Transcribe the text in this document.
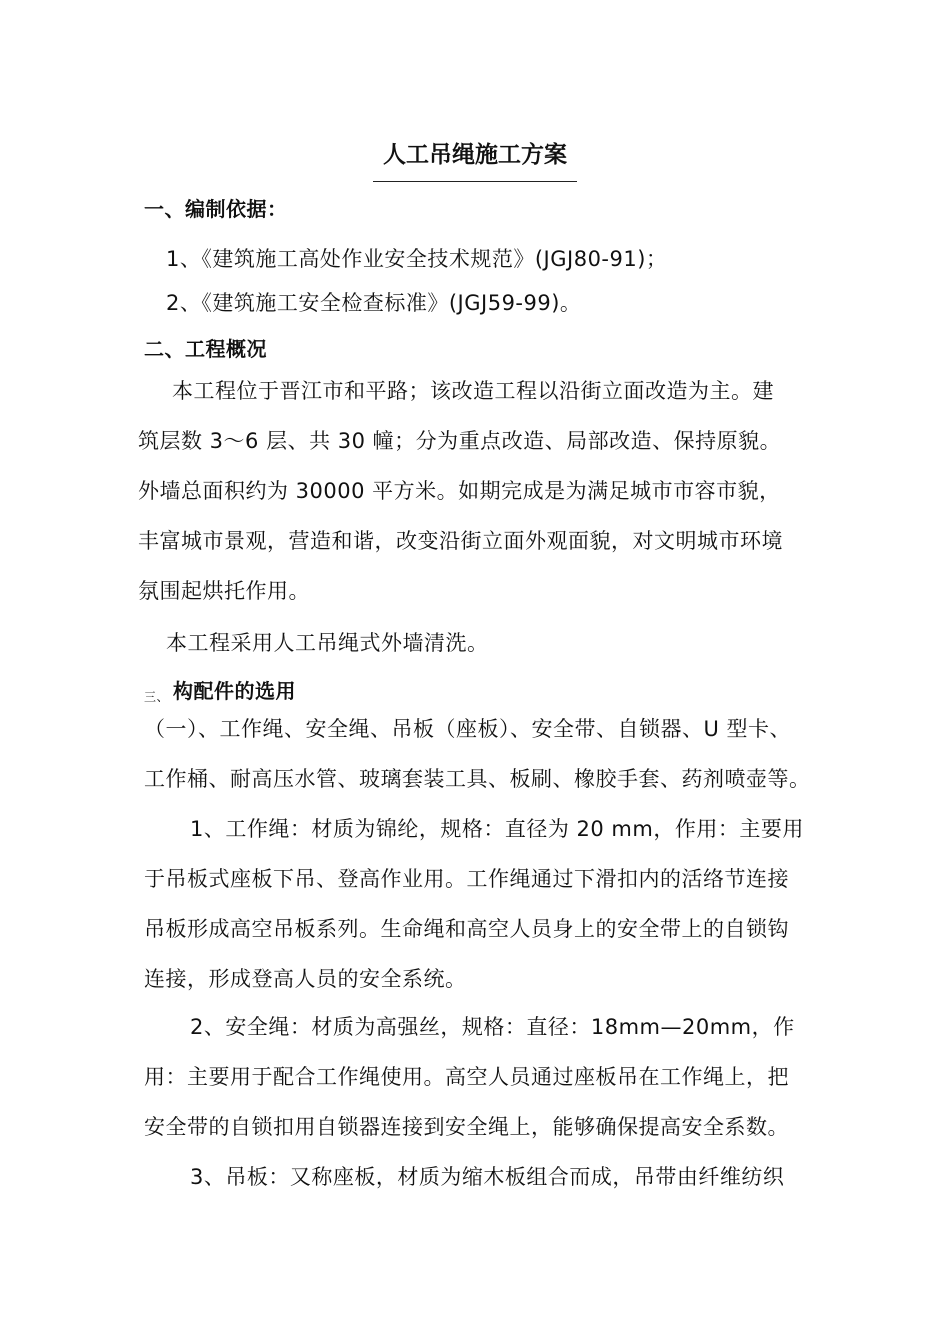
人工吊绳施工方案
一、编制依据：
1、《建筑施工高处作业安全技术规范》(JGJ80-91)；
2、《建筑施工安全检查标准》(JGJ59-99)。
二、工程概况
本工程位于晋江市和平路；该改造工程以沿街立面改造为主。建
筑层数 3～6 层、共 30 幢；分为重点改造、局部改造、保持原貌。
外墙总面积约为 30000 平方米。如期完成是为满足城市市容市貌，
丰富城市景观，营造和谐，改变沿街立面外观面貌，对文明城市环境
氛围起烘托作用。
本工程采用人工吊绳式外墙清洗。
三、 构配件的选用
（一）、工作绳、安全绳、吊板（座板）、安全带、自锁器、U 型卡、
工作桶、耐高压水管、玻璃套装工具、板刷、橡胶手套、药剂喷壶等。
1、工作绳：材质为锦纶，规格：直径为 20 mm，作用：主要用
于吊板式座板下吊、登高作业用。工作绳通过下滑扣内的活络节连接
吊板形成高空吊板系列。生命绳和高空人员身上的安全带上的自锁钩
连接，形成登高人员的安全系统。
2、安全绳：材质为高强丝，规格：直径：18mm—20mm，作
用：主要用于配合工作绳使用。高空人员通过座板吊在工作绳上，把
安全带的自锁扣用自锁器连接到安全绳上，能够确保提高安全系数。
3、吊板：又称座板，材质为缩木板组合而成，吊带由纤维纺织
